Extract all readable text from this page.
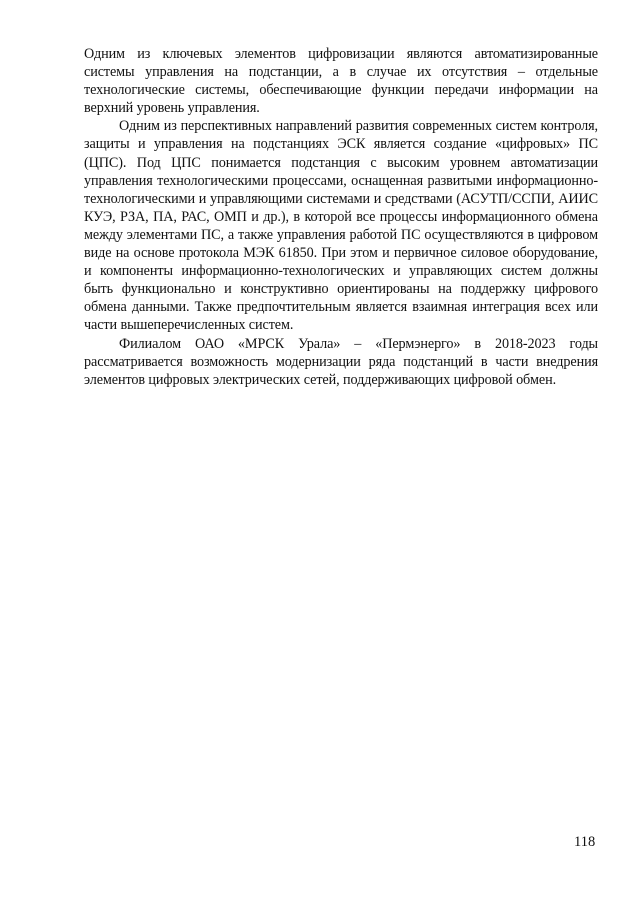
Одним из ключевых элементов цифровизации являются автоматизированные системы управления на подстанции, а в случае их отсутствия – отдельные технологические системы, обеспечивающие функции передачи информации на верхний уровень управления.

Одним из перспективных направлений развития современных систем контроля, защиты и управления на подстанциях ЭСК является создание «цифровых» ПС (ЦПС). Под ЦПС понимается подстанция с высоким уровнем автоматизации управления технологическими процессами, оснащенная развитыми информационно-технологическими и управляющими системами и средствами (АСУТП/ССПИ, АИИС КУЭ, РЗА, ПА, РАС, ОМП и др.), в которой все процессы информационного обмена между элементами ПС, а также управления работой ПС осуществляются в цифровом виде на основе протокола МЭК 61850. При этом и первичное силовое оборудование, и компоненты информационно-технологических и управляющих систем должны быть функционально и конструктивно ориентированы на поддержку цифрового обмена данными. Также предпочтительным является взаимная интеграция всех или части вышеперечисленных систем.

Филиалом ОАО «МРСК Урала» – «Пермэнерго» в 2018-2023 годы рассматривается возможность модернизации ряда подстанций в части внедрения элементов цифровых электрических сетей, поддерживающих цифровой обмен.

118
